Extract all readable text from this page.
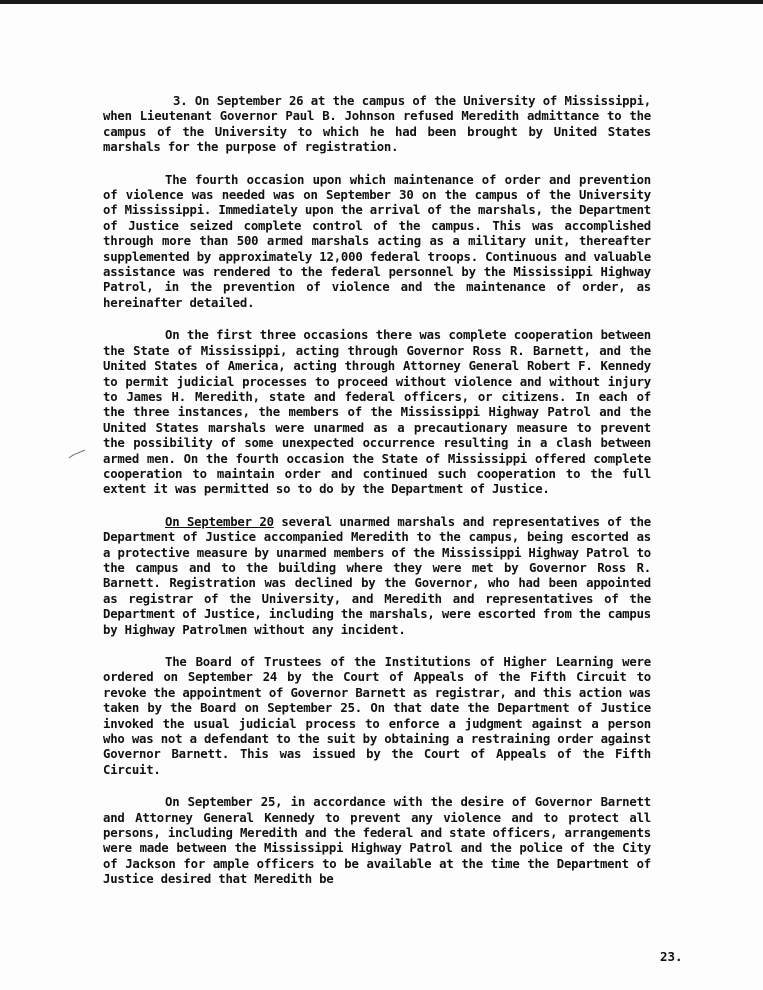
3. On September 26 at the campus of the University of Mississippi, when Lieutenant Governor Paul B. Johnson refused Meredith admittance to the campus of the University to which he had been brought by United States marshals for the purpose of registration.

The fourth occasion upon which maintenance of order and prevention of violence was needed was on September 30 on the campus of the University of Mississippi. Immediately upon the arrival of the marshals, the Department of Justice seized complete control of the campus. This was accomplished through more than 500 armed marshals acting as a military unit, thereafter supplemented by approximately 12,000 federal troops. Continuous and valuable assistance was rendered to the federal personnel by the Mississippi Highway Patrol, in the prevention of violence and the maintenance of order, as hereinafter detailed.

On the first three occasions there was complete cooperation between the State of Mississippi, acting through Governor Ross R. Barnett, and the United States of America, acting through Attorney General Robert F. Kennedy to permit judicial processes to proceed without violence and without injury to James H. Meredith, state and federal officers, or citizens. In each of the three instances, the members of the Mississippi Highway Patrol and the United States marshals were unarmed as a precautionary measure to prevent the possibility of some unexpected occurrence resulting in a clash between armed men. On the fourth occasion the State of Mississippi offered complete cooperation to maintain order and continued such cooperation to the full extent it was permitted so to do by the Department of Justice.

On September 20 several unarmed marshals and representatives of the Department of Justice accompanied Meredith to the campus, being escorted as a protective measure by unarmed members of the Mississippi Highway Patrol to the campus and to the building where they were met by Governor Ross R. Barnett. Registration was declined by the Governor, who had been appointed as registrar of the University, and Meredith and representatives of the Department of Justice, including the marshals, were escorted from the campus by Highway Patrolmen without any incident.

The Board of Trustees of the Institutions of Higher Learning were ordered on September 24 by the Court of Appeals of the Fifth Circuit to revoke the appointment of Governor Barnett as registrar, and this action was taken by the Board on September 25. On that date the Department of Justice invoked the usual judicial process to enforce a judgment against a person who was not a defendant to the suit by obtaining a restraining order against Governor Barnett. This was issued by the Court of Appeals of the Fifth Circuit.

On September 25, in accordance with the desire of Governor Barnett and Attorney General Kennedy to prevent any violence and to protect all persons, including Meredith and the federal and state officers, arrangements were made between the Mississippi Highway Patrol and the police of the City of Jackson for ample officers to be available at the time the Department of Justice desired that Meredith be

23.
